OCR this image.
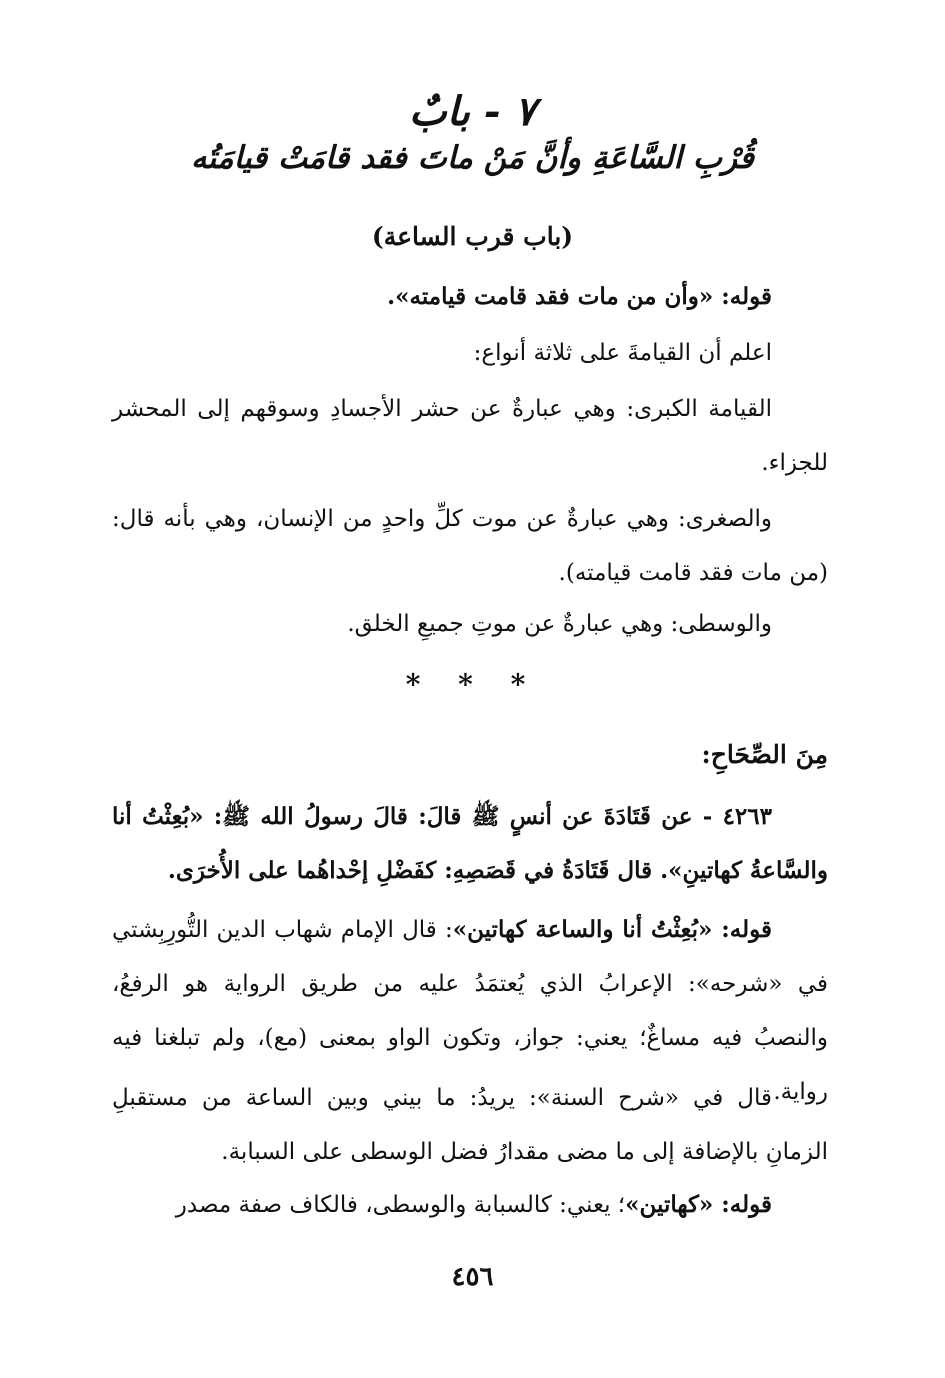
٧ - بابٌ
قُرْبِ السَّاعَةِ وأنَّ مَنْ ماتَ فقد قامَتْ قيامَتُه
(باب قرب الساعة)
قوله: «وأن من مات فقد قامت قيامته».
اعلم أن القيامةَ على ثلاثة أنواع:
القيامة الكبرى: وهي عبارةٌ عن حشر الأجسادِ وسوقهم إلى المحشر للجزاء.
والصغرى: وهي عبارةٌ عن موت كلِّ واحدٍ من الإنسان، وهي بأنه قال: (من مات فقد قامت قيامته).
والوسطى: وهي عبارةٌ عن موتِ جميعِ الخلق.
* * *
مِنَ الصِّحَاحِ:
٤٢٦٣ - عن قَتَادَةَ عن أنسٍ ﷺ قالَ: قالَ رسولُ الله ﷺ: «بُعِثْتُ أنا والسَّاعةُ كهاتينِ». قال قَتَادَةُ في قَصَصِهِ: كفَضْلِ إحْداهُما على الأُخرَى.
قوله: «بُعِثْتُ أنا والساعة كهاتين»: قال الإمام شهاب الدين التُّورِبِشتي في «شرحه»: الإعرابُ الذي يُعتمَدُ عليه من طريق الرواية هو الرفعُ، والنصبُ فيه مساغٌ؛ يعني: جواز، وتكون الواو بمعنى (مع)، ولم تبلغنا فيه رواية.
قال في «شرح السنة»: يريدُ: ما بيني وبين الساعة من مستقبلِ الزمانِ بالإضافة إلى ما مضى مقدارُ فضل الوسطى على السبابة.
قوله: «كهاتين»؛ يعني: كالسبابة والوسطى، فالكاف صفة مصدر
٤٥٦
